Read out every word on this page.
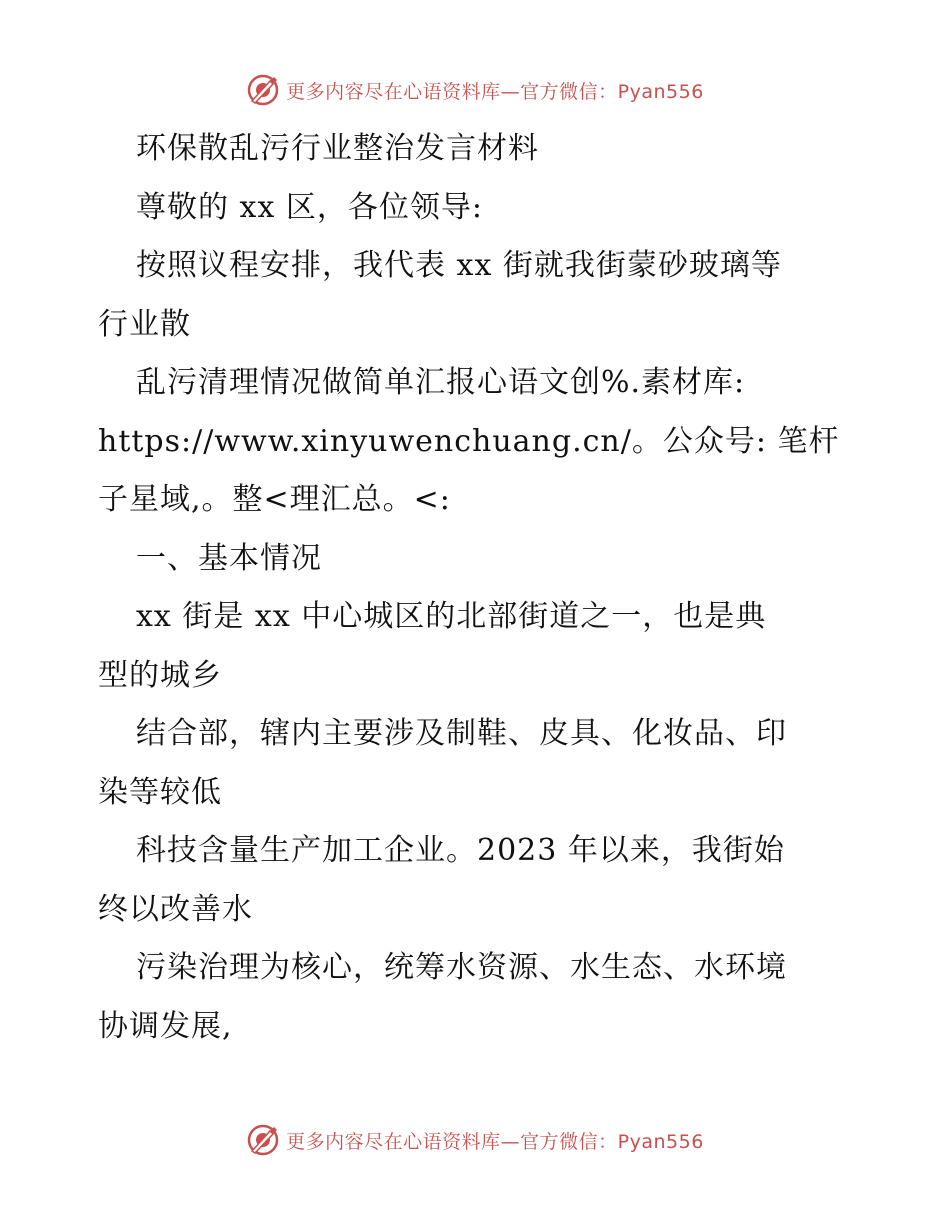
更多内容尽在心语资料库—官方微信：Pyan556
环保散乱污行业整治发言材料
尊敬的 xx 区，各位领导:
按照议程安排，我代表 xx 街就我街蒙砂玻璃等
行业散
乱污清理情况做简单汇报心语文创%.素材库:
https://www.xinyuwenchuang.cn/。公众号: 笔杆
子星域,。整<理汇总。<:
一、基本情况
xx 街是 xx 中心城区的北部街道之一，也是典
型的城乡
结合部，辖内主要涉及制鞋、皮具、化妆品、印
染等较低
科技含量生产加工企业。2023 年以来，我街始
终以改善水
污染治理为核心，统筹水资源、水生态、水环境
协调发展,
更多内容尽在心语资料库—官方微信：Pyan556
